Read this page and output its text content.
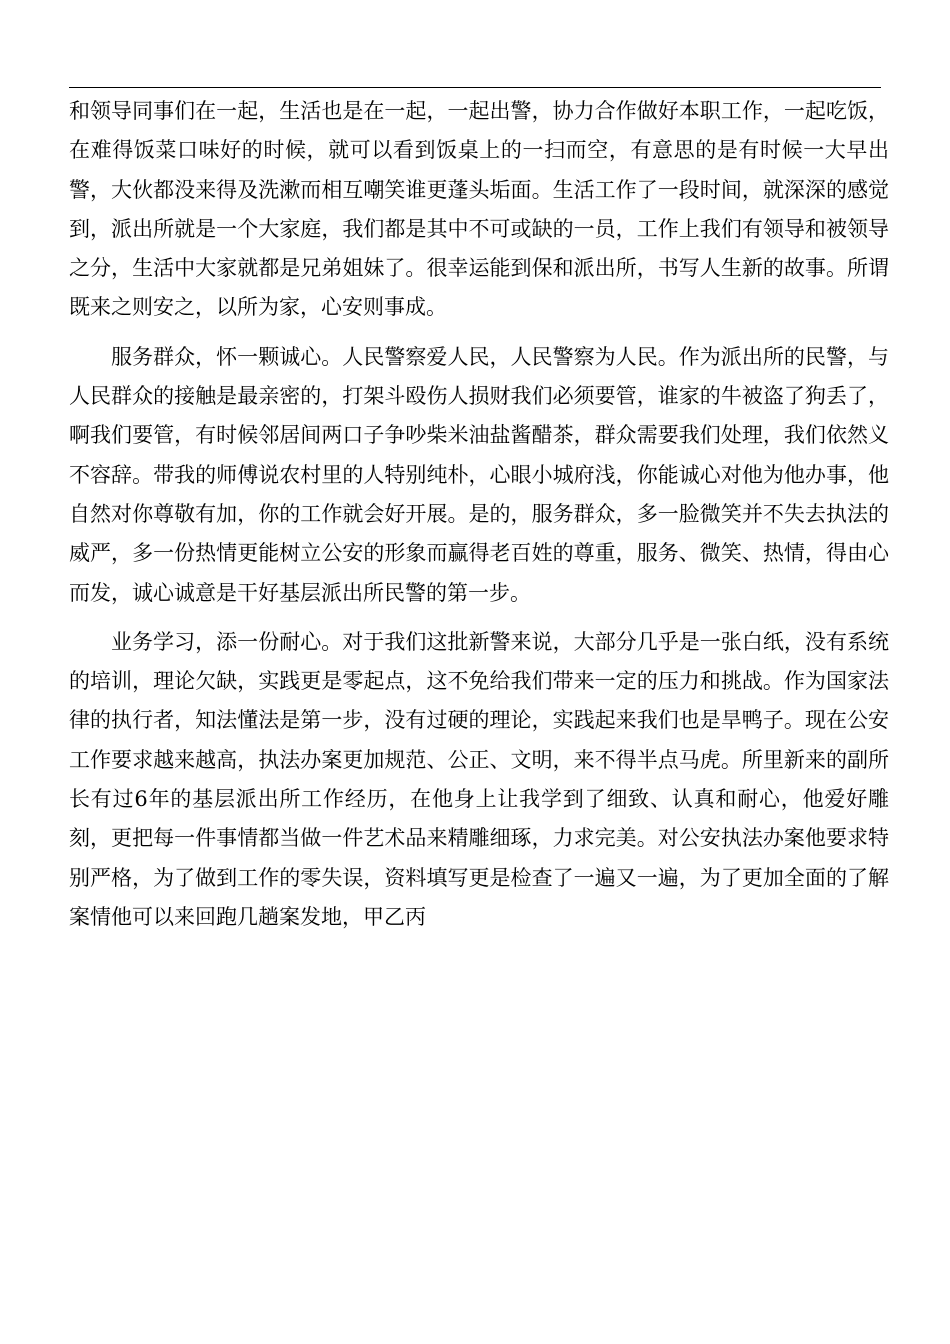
和领导同事们在一起，生活也是在一起，一起出警，协力合作做好本职工作，一起吃饭，在难得饭菜口味好的时候，就可以看到饭桌上的一扫而空，有意思的是有时候一大早出警，大伙都没来得及洗漱而相互嘲笑谁更蓬头垢面。生活工作了一段时间，就深深的感觉到，派出所就是一个大家庭，我们都是其中不可或缺的一员，工作上我们有领导和被领导之分，生活中大家就都是兄弟姐妹了。很幸运能到保和派出所，书写人生新的故事。所谓既来之则安之，以所为家，心安则事成。

服务群众，怀一颗诚心。人民警察爱人民，人民警察为人民。作为派出所的民警，与人民群众的接触是最亲密的，打架斗殴伤人损财我们必须要管，谁家的牛被盗了狗丢了，啊我们要管，有时候邻居间两口子争吵柴米油盐酱醋茶，群众需要我们处理，我们依然义不容辞。带我的师傅说农村里的人特别纯朴，心眼小城府浅，你能诚心对他为他办事，他自然对你尊敬有加，你的工作就会好开展。是的，服务群众，多一脸微笑并不失去执法的威严，多一份热情更能树立公安的形象而赢得老百姓的尊重，服务、微笑、热情，得由心而发，诚心诚意是干好基层派出所民警的第一步。

业务学习，添一份耐心。对于我们这批新警来说，大部分几乎是一张白纸，没有系统的培训，理论欠缺，实践更是零起点，这不免给我们带来一定的压力和挑战。作为国家法律的执行者，知法懂法是第一步，没有过硬的理论，实践起来我们也是旱鸭子。现在公安工作要求越来越高，执法办案更加规范、公正、文明，来不得半点马虎。所里新来的副所长有过6年的基层派出所工作经历，在他身上让我学到了细致、认真和耐心，他爱好雕刻，更把每一件事情都当做一件艺术品来精雕细琢，力求完美。对公安执法办案他要求特别严格，为了做到工作的零失误，资料填写更是检查了一遍又一遍，为了更加全面的了解案情他可以来回跑几趟案发地，甲乙丙
